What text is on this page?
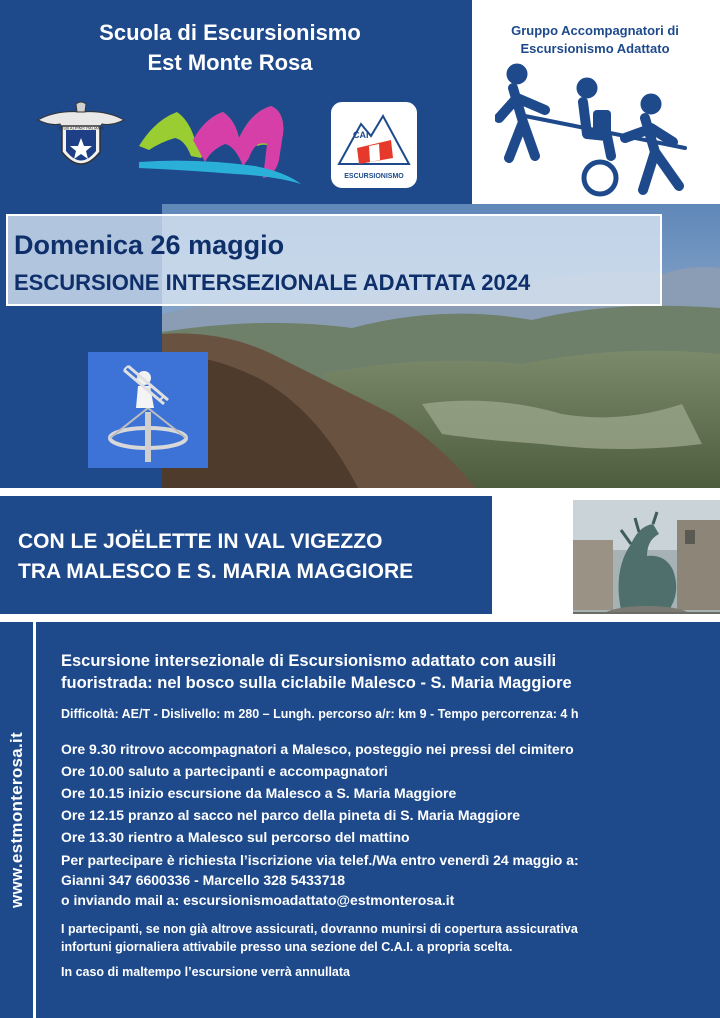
Scuola di Escursionismo
Est Monte Rosa
CLUB ALPINO ITALIANO
CAI
ESCURSIONISMO
Gruppo Accompagnatori di
Escursionismo Adattato
Domenica 26 maggio
ESCURSIONE INTERSEZIONALE ADATTATA 2024
CON LE JOËLETTE IN VAL VIGEZZO
TRA MALESCO E S. MARIA MAGGIORE
www.estmonterosa.it
Escursione intersezionale di Escursionismo adattato con ausili
fuoristrada: nel bosco sulla ciclabile Malesco - S. Maria Maggiore
Difficoltà: AE/T - Dislivello: m 280 – Lungh. percorso a/r: km 9 - Tempo percorrenza: 4 h
Ore 9.30 ritrovo accompagnatori a Malesco, posteggio nei pressi del cimitero
Ore 10.00 saluto a partecipanti e accompagnatori
Ore 10.15 inizio escursione da Malesco a S. Maria Maggiore
Ore 12.15 pranzo al sacco nel parco della pineta di S. Maria Maggiore
Ore 13.30 rientro a Malesco sul percorso del mattino
Per partecipare è richiesta l’iscrizione via telef./Wa entro venerdì 24 maggio a:
Gianni 347 6600336 - Marcello 328 5433718
o inviando mail a: escursionismoadattato@estmonterosa.it
I partecipanti, se non già altrove assicurati, dovranno munirsi di copertura assicurativa
infortuni giornaliera attivabile presso una sezione del C.A.I. a propria scelta.
In caso di maltempo l’escursione verrà annullata
